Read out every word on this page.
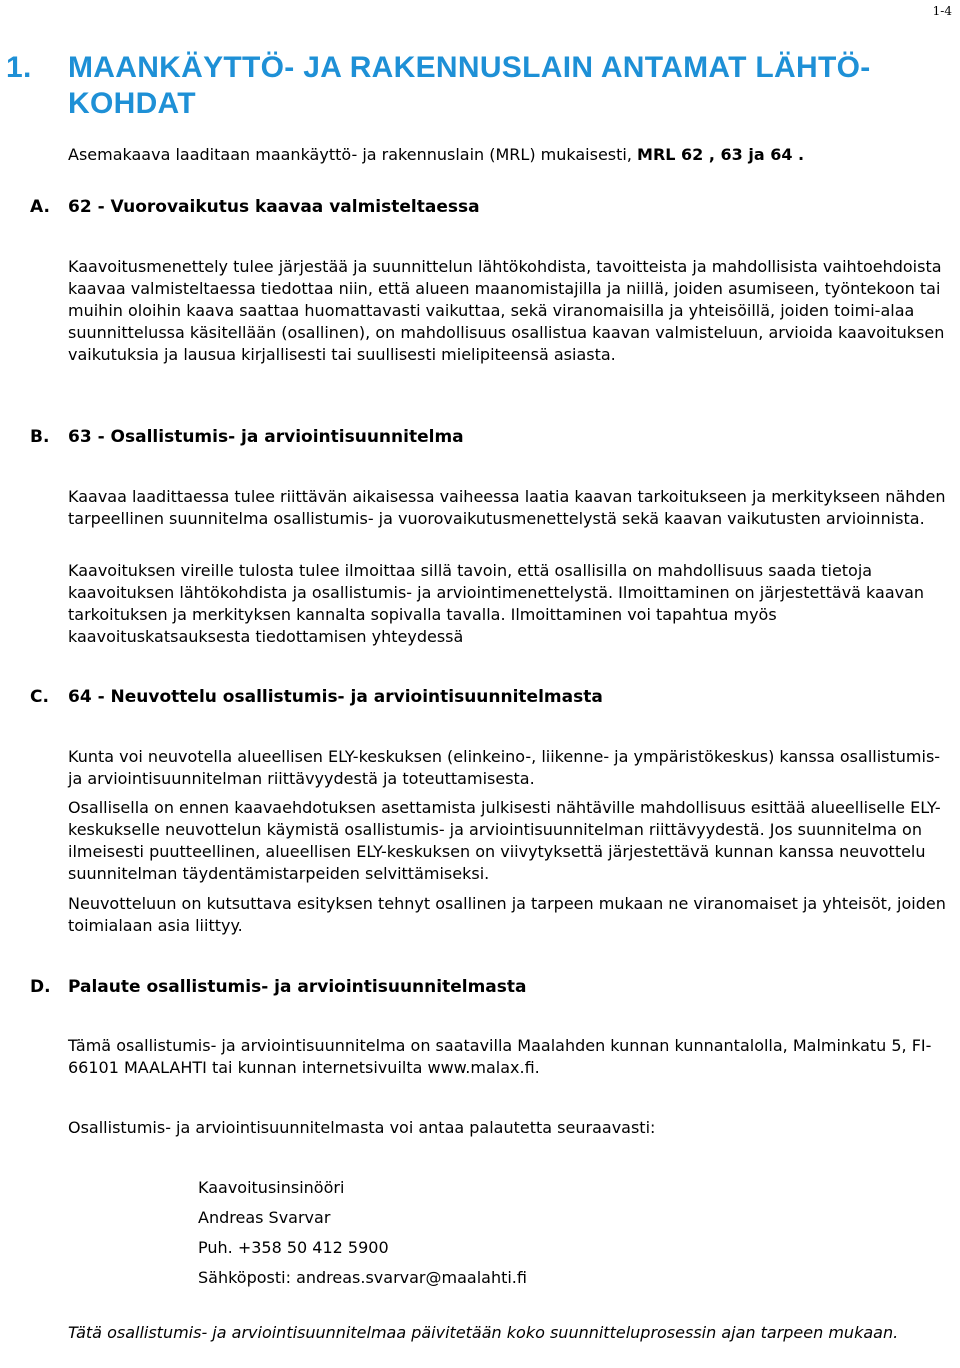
1-4
1. MAANKÄYTTÖ- JA RAKENNUSLAIN ANTAMAT LÄHTÖ-
KOHDAT

Asemakaava laaditaan maankäyttö- ja rakennuslain (MRL) mukaisesti, MRL 62 , 63 ja 64 .

A. 62 - Vuorovaikutus kaavaa valmisteltaessa

Kaavoitusmenettely tulee järjestää ja suunnittelun lähtökohdista, tavoitteista ja mahdollisista vaihtoehdoista kaavaa valmisteltaessa tiedottaa niin, että alueen maanomistajilla ja niillä, joiden asumiseen, työntekoon tai muihin oloihin kaava saattaa huomattavasti vaikuttaa, sekä viranomaisilla ja yhteisöillä, joiden toimi-alaa suunnittelussa käsitellään (osallinen), on mahdollisuus osallistua kaavan valmisteluun, arvioida kaavoituksen vaikutuksia ja lausua kirjallisesti tai suullisesti mielipiteensä asiasta.

B. 63 - Osallistumis- ja arviointisuunnitelma

Kaavaa laadittaessa tulee riittävän aikaisessa vaiheessa laatia kaavan tarkoitukseen ja merkitykseen nähden tarpeellinen suunnitelma osallistumis- ja vuorovaikutusmenettelystä sekä kaavan vaikutusten arvioinnista.

Kaavoituksen vireille tulosta tulee ilmoittaa sillä tavoin, että osallisilla on mahdollisuus saada tietoja kaavoituksen lähtökohdista ja osallistumis- ja arviointimenettelystä. Ilmoittaminen on järjestettävä kaavan tarkoituksen ja merkityksen kannalta sopivalla tavalla. Ilmoittaminen voi tapahtua myös kaavoituskatsauksesta tiedottamisen yhteydessä

C. 64 - Neuvottelu osallistumis- ja arviointisuunnitelmasta

Kunta voi neuvotella alueellisen ELY-keskuksen (elinkeino-, liikenne- ja ympäristökeskus) kanssa osallistumis- ja arviointisuunnitelman riittävyydestä ja toteuttamisesta.

Osallisella on ennen kaavaehdotuksen asettamista julkisesti nähtäville mahdollisuus esittää alueelliselle ELY-keskukselle neuvottelun käymistä osallistumis- ja arviointisuunnitelman riittävyydestä. Jos suunnitelma on ilmeisesti puutteellinen, alueellisen ELY-keskuksen on viivytyksettä järjestettävä kunnan kanssa neuvottelu suunnitelman täydentämistarpeiden selvittämiseksi.

Neuvotteluun on kutsuttava esityksen tehnyt osallinen ja tarpeen mukaan ne viranomaiset ja yhteisöt, joiden toimialaan asia liittyy.

D. Palaute osallistumis- ja arviointisuunnitelmasta

Tämä osallistumis- ja arviointisuunnitelma on saatavilla Maalahden kunnan kunnantalolla, Malminkatu 5, FI-66101 MAALAHTI tai kunnan internetsivuilta www.malax.fi.

Osallistumis- ja arviointisuunnitelmasta voi antaa palautetta seuraavasti:

Kaavoitusinsinööri

Andreas Svarvar

Puh. +358 50 412 5900

Sähköposti: andreas.svarvar@maalahti.fi

Tätä osallistumis- ja arviointisuunnitelmaa päivitetään koko suunnitteluprosessin ajan tarpeen mukaan.
